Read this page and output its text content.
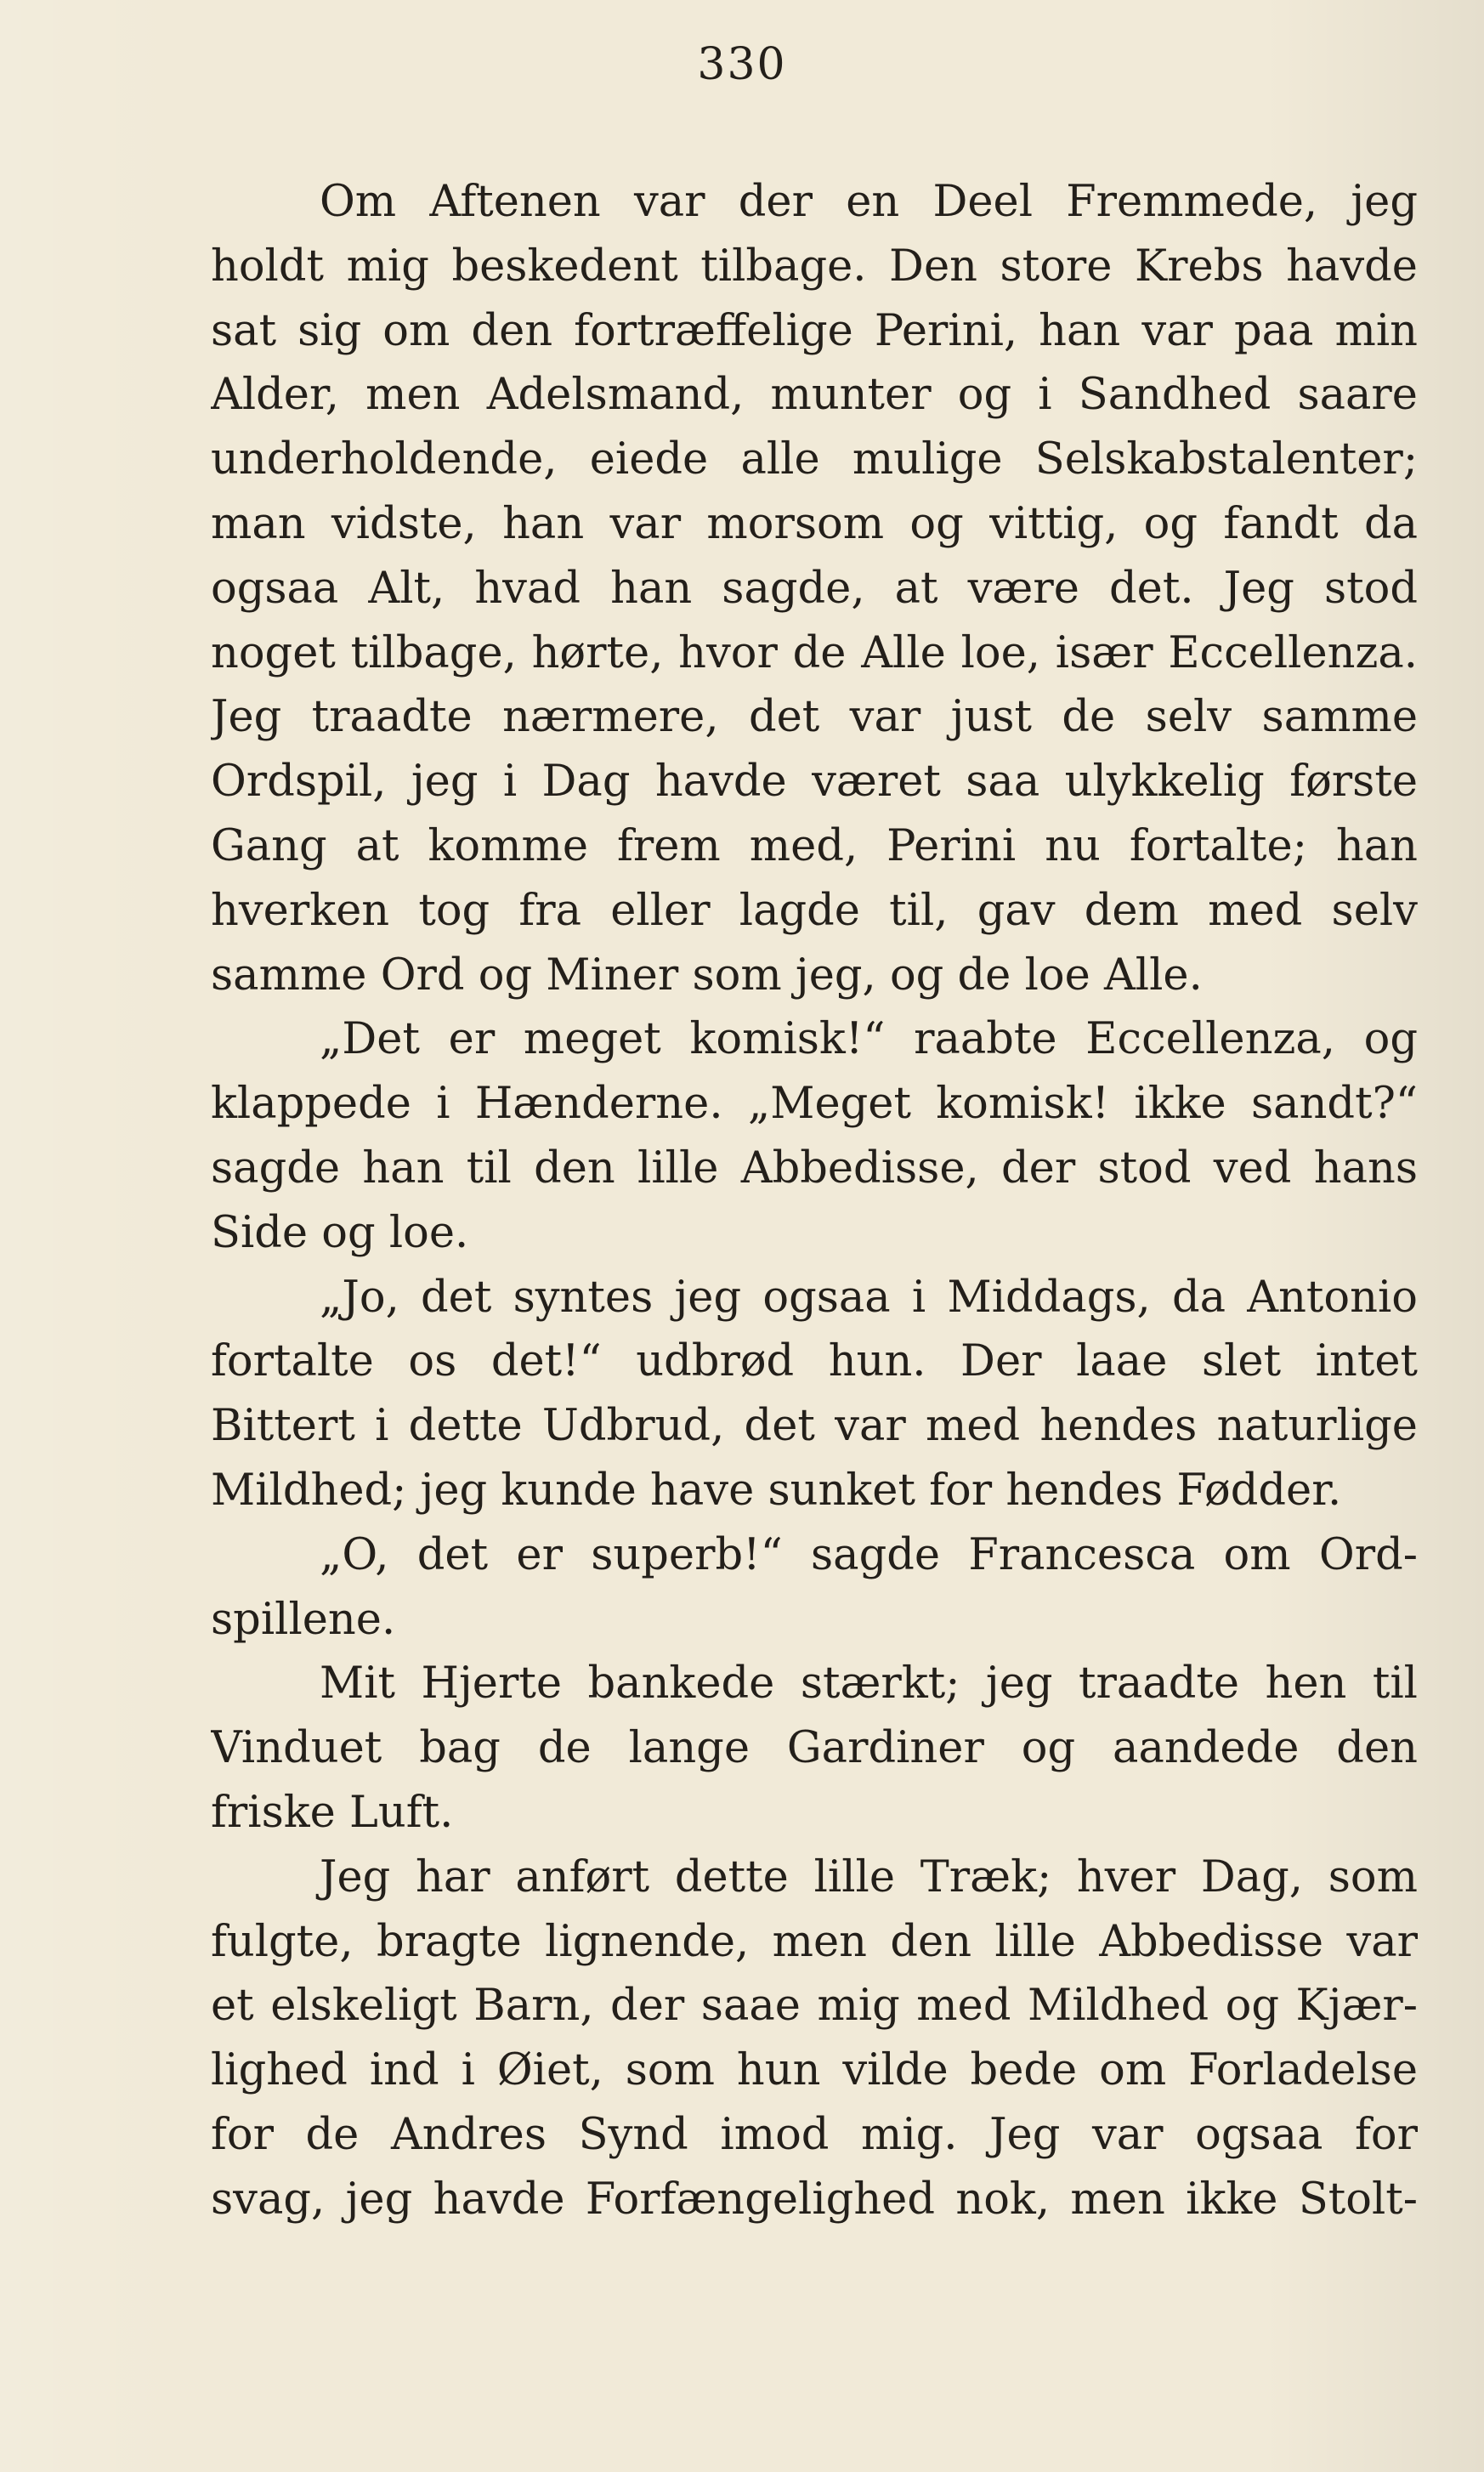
330
Om Aftenen var der en Deel Fremmede, jeg
holdt mig beskedent tilbage. Den store Krebs havde
sat sig om den fortræffelige Perini, han var paa min
Alder, men Adelsmand, munter og i Sandhed saare
underholdende, eiede alle mulige Selskabstalenter;
man vidste, han var morsom og vittig, og fandt da
ogsaa Alt, hvad han sagde, at være det. Jeg stod
noget tilbage, hørte, hvor de Alle loe, især Eccellenza.
Jeg traadte nærmere, det var just de selv samme
Ordspil, jeg i Dag havde været saa ulykkelig første
Gang at komme frem med, Perini nu fortalte; han
hverken tog fra eller lagde til, gav dem med selv
samme Ord og Miner som jeg, og de loe Alle.
„Det er meget komisk!“ raabte Eccellenza, og
klappede i Hænderne. „Meget komisk! ikke sandt?“
sagde han til den lille Abbedisse, der stod ved hans
Side og loe.
„Jo, det syntes jeg ogsaa i Middags, da Antonio
fortalte os det!“ udbrød hun. Der laae slet intet
Bittert i dette Udbrud, det var med hendes naturlige
Mildhed; jeg kunde have sunket for hendes Fødder.
„O, det er superb!“ sagde Francesca om Ord-
spillene.
Mit Hjerte bankede stærkt; jeg traadte hen til
Vinduet bag de lange Gardiner og aandede den
friske Luft.
Jeg har anført dette lille Træk; hver Dag, som
fulgte, bragte lignende, men den lille Abbedisse var
et elskeligt Barn, der saae mig med Mildhed og Kjær-
lighed ind i Øiet, som hun vilde bede om Forladelse
for de Andres Synd imod mig. Jeg var ogsaa for
svag, jeg havde Forfængelighed nok, men ikke Stolt-
